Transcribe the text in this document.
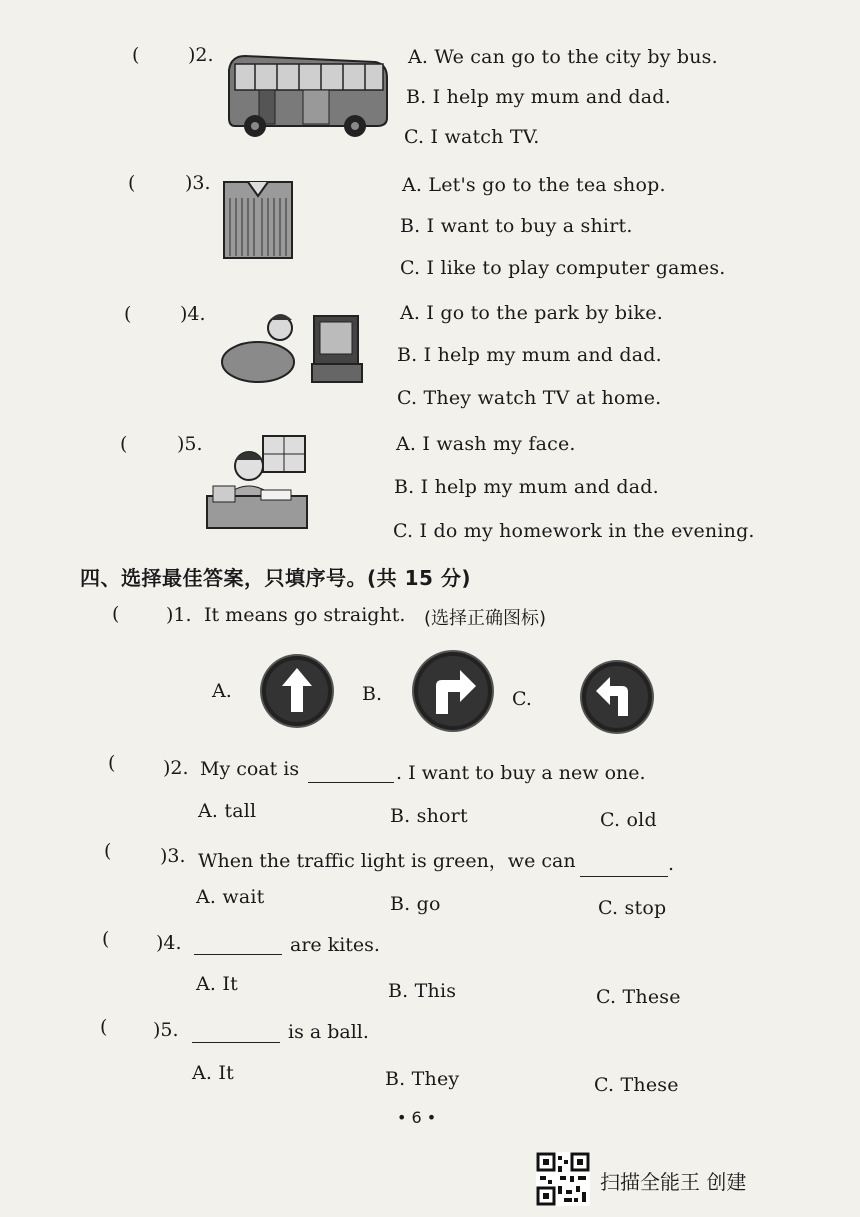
(	)2.	A. We can go to the city by bus.
B. I help my mum and dad.
C. I watch TV.
(	)3.	A. Let's go to the tea shop.
B. I want to buy a shirt.
C. I like to play computer games.
(	)4.	A. I go to the park by bike.
B. I help my mum and dad.
C. They watch TV at home.
(	)5.	A. I wash my face.
B. I help my mum and dad.
C. I do my homework in the evening.
四、选择最佳答案，只填序号。(共 15 分)
( )1. It means go straight. (选择正确图标)
A.	B.	C.
(	)2. My coat is	. I want to buy a new one.
A. tall	B. short	C. old
(	)3. When the traffic light is green，we can	.
A. wait	B. go	C. stop
( )4.	are kites.
A. It	B. This	C. These
( )5.	is a ball.
A. It	B. They	C. These
• 6 •
扫描全能王 创建
